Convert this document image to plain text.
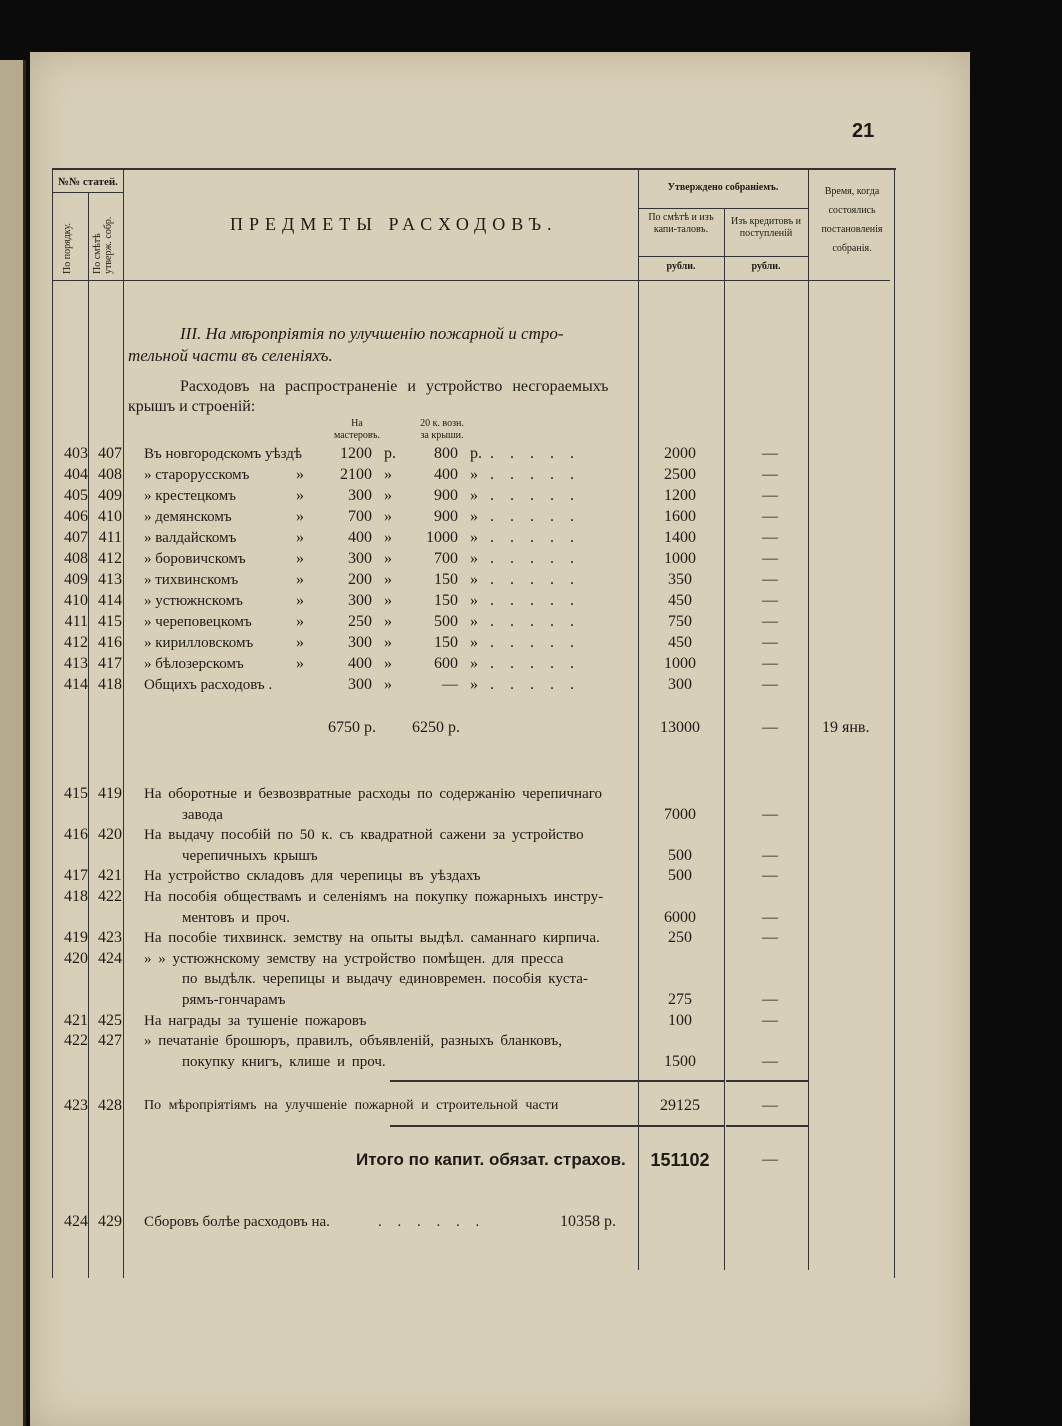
21
№№ статей.
По порядку. По смѣтѣ утверж. собр.	ПРЕДМЕТЫ РАСХОДОВЪ.
Утверждено собраніемъ.
По смѣтѣ и изъ капи-таловъ.
Изъ кредитовъ и поступленій
рубли.	рубли.
Время, когда состоялись постановленія собранія.
III. На мѣропріятія по улучшенію пожарной и стро-
тельной части въ селеніяхъ.
Расходовъ на распространеніе и устройство несгораемыхъ
крышъ и строеній:
На
мастеровъ.
20 к. возн.
за крыши.
403 407 Въ новгородскомъ уѣздѣ	1200 р.	800 р.	2000	—
. . . . .
404 408 » старорусскомъ	»	2100 »	400 »	2500	—
. . . . .
405 409 » крестецкомъ	»	300 »	900 »	1200	—
. . . . .
406 410 » демянскомъ	»	700 »	900 »	1600	—
. . . . .
407 411 » валдайскомъ	»	400 »	1000 »	1400	—
. . . . .
408 412 » боровичскомъ	»	300 »	700 »	1000	—
. . . . .
409 413 » тихвинскомъ	»	200 »	150 »	350	—
. . . . .
410 414 » устюжнскомъ	»	300 »	150 »	450	—
. . . . .
411 415 » череповецкомъ	»	250 »	500 »	750	—
. . . . .
412 416 » кирилловскомъ	»	300 »	150 »	450	—
. . . . .
413 417 » бѣлозерскомъ	»	400 »	600 »	1000	—
. . . . .
414 418 Общихъ расходовъ .	300 »	— »	300	—
. . . . .
6750 р. 6250 р.	13000	—	19 янв.
415 419 На оборотные и безвозвратные расходы по содержанію черепичнаго
завода	7000	—
416 420 На выдачу пособій по 50 к. съ квадратной сажени за устройство
черепичныхъ крышъ	500	—
417 421 На устройство складовъ для черепицы въ уѣздахъ	500	—
418 422 На пособія обществамъ и селеніямъ на покупку пожарныхъ инстру-
ментовъ и проч.	6000	—
419 423 На пособіе тихвинск. земству на опыты выдѣл. саманнаго кирпича.	250	—
420 424 » » устюжнскому земству на устройство помѣщен. для пресса
по выдѣлк. черепицы и выдачу единовремен. пособія куста-
рямъ-гончарамъ	275	—
421 425 На награды за тушеніе пожаровъ	100	—
422 427 » печатаніе брошюръ, правилъ, объявленій, разныхъ бланковъ,
покупку книгъ, клише и проч.	1500	—
423 428 По мѣропріятіямъ на улучшеніе пожарной и строительной части	29125	—
Итого по капит. обязат. страхов.	151102	—
424 429 Сборовъ болѣе расходовъ на.	. . . . . .	10358 р.
